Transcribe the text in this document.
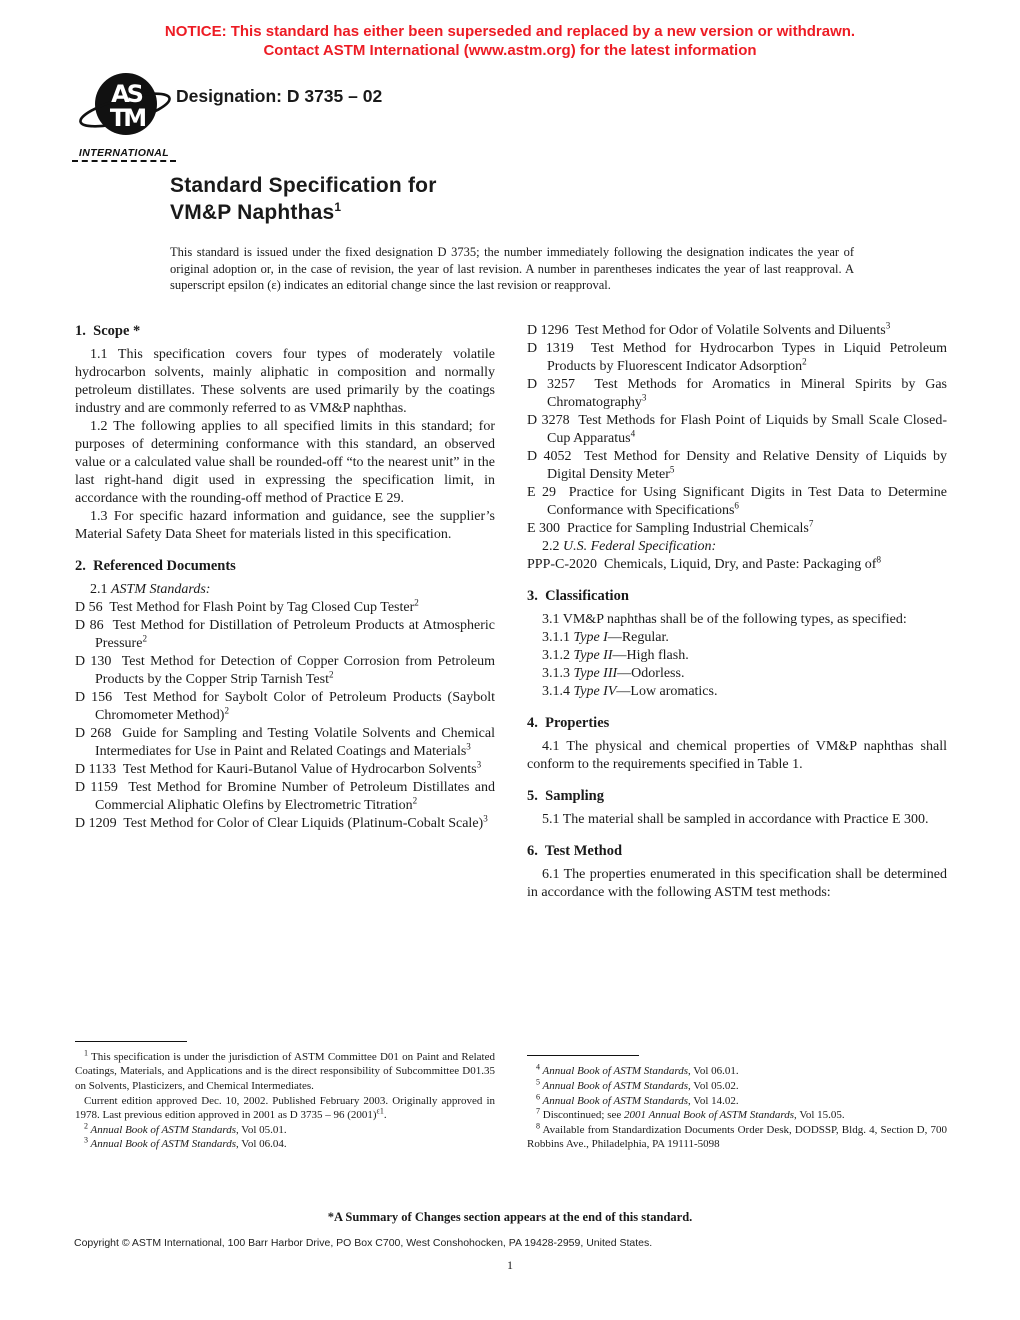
NOTICE: This standard has either been superseded and replaced by a new version or withdrawn.
Contact ASTM International (www.astm.org) for the latest information
AS
TM
INTERNATIONAL
Designation: D 3735 – 02
Standard Specification for
VM&P Naphthas$^1$

This standard is issued under the fixed designation D 3735; the number immediately following the designation indicates the year of original adoption or, in the case of revision, the year of last revision. A number in parentheses indicates the year of last reapproval. A superscript epsilon (ε) indicates an editorial change since the last revision or reapproval.

1.  Scope *

1.1 This specification covers four types of moderately volatile hydrocarbon solvents, mainly aliphatic in composition and normally petroleum distillates. These solvents are used primarily by the coatings industry and are commonly referred to as VM&P naphthas.

1.2 The following applies to all specified limits in this standard; for purposes of determining conformance with this standard, an observed value or a calculated value shall be rounded-off “to the nearest unit” in the last right-hand digit used in expressing the specification limit, in accordance with the rounding-off method of Practice E 29.

1.3 For specific hazard information and guidance, see the supplier’s Material Safety Data Sheet for materials listed in this specification.

2.  Referenced Documents

2.1 ASTM Standards:

D 56  Test Method for Flash Point by Tag Closed Cup Tester$^2$

D 86  Test Method for Distillation of Petroleum Products at Atmospheric Pressure$^2$

D 130  Test Method for Detection of Copper Corrosion from Petroleum Products by the Copper Strip Tarnish Test$^2$

D 156  Test Method for Saybolt Color of Petroleum Products (Saybolt Chromometer Method)$^2$

D 268  Guide for Sampling and Testing Volatile Solvents and Chemical Intermediates for Use in Paint and Related Coatings and Materials$^3$

D 1133  Test Method for Kauri-Butanol Value of Hydrocarbon Solvents$^3$

D 1159  Test Method for Bromine Number of Petroleum Distillates and Commercial Aliphatic Olefins by Electrometric Titration$^2$

D 1209  Test Method for Color of Clear Liquids (Platinum-Cobalt Scale)$^3$

$^1$ This specification is under the jurisdiction of ASTM Committee D01 on Paint and Related Coatings, Materials, and Applications and is the direct responsibility of Subcommittee D01.35 on Solvents, Plasticizers, and Chemical Intermediates.

Current edition approved Dec. 10, 2002. Published February 2003. Originally approved in 1978. Last previous edition approved in 2001 as D 3735 – 96 $(2001)^{\varepsilon 1}$.

$^2$ Annual Book of ASTM Standards, Vol 05.01.

$^3$ Annual Book of ASTM Standards, Vol 06.04.

D 1296  Test Method for Odor of Volatile Solvents and Diluents$^3$

D 1319  Test Method for Hydrocarbon Types in Liquid Petroleum Products by Fluorescent Indicator Adsorption$^2$

D 3257  Test Methods for Aromatics in Mineral Spirits by Gas Chromatography$^3$

D 3278  Test Methods for Flash Point of Liquids by Small Scale Closed-Cup Apparatus$^4$

D 4052  Test Method for Density and Relative Density of Liquids by Digital Density Meter$^5$

E 29  Practice for Using Significant Digits in Test Data to Determine Conformance with Specifications$^6$

E 300  Practice for Sampling Industrial Chemicals$^7$

2.2 U.S. Federal Specification:

PPP-C-2020  Chemicals, Liquid, Dry, and Paste: Packaging $of^8$

3.  Classification

3.1 VM&P naphthas shall be of the following types, as specified:

3.1.1 Type I—Regular.

3.1.2 Type II—High flash.

3.1.3 Type III—Odorless.

3.1.4 Type IV—Low aromatics.

4.  Properties

4.1 The physical and chemical properties of VM&P naphthas shall conform to the requirements specified in Table 1.

5.  Sampling

5.1 The material shall be sampled in accordance with Practice E 300.

6.  Test Method

6.1 The properties enumerated in this specification shall be determined in accordance with the following ASTM test methods:

$^4$ Annual Book of ASTM Standards, Vol 06.01.

$^5$ Annual Book of ASTM Standards, Vol 05.02.

$^6$ Annual Book of ASTM Standards, Vol 14.02.

$^7$ Discontinued; see 2001 Annual Book of ASTM Standards, Vol 15.05.

$^8$ Available from Standardization Documents Order Desk, DODSSP, Bldg. 4, Section D, 700 Robbins Ave., Philadelphia, PA 19111-5098

*A Summary of Changes section appears at the end of this standard.
Copyright © ASTM International, 100 Barr Harbor Drive, PO Box C700, West Conshohocken, PA 19428-2959, United States.
1
